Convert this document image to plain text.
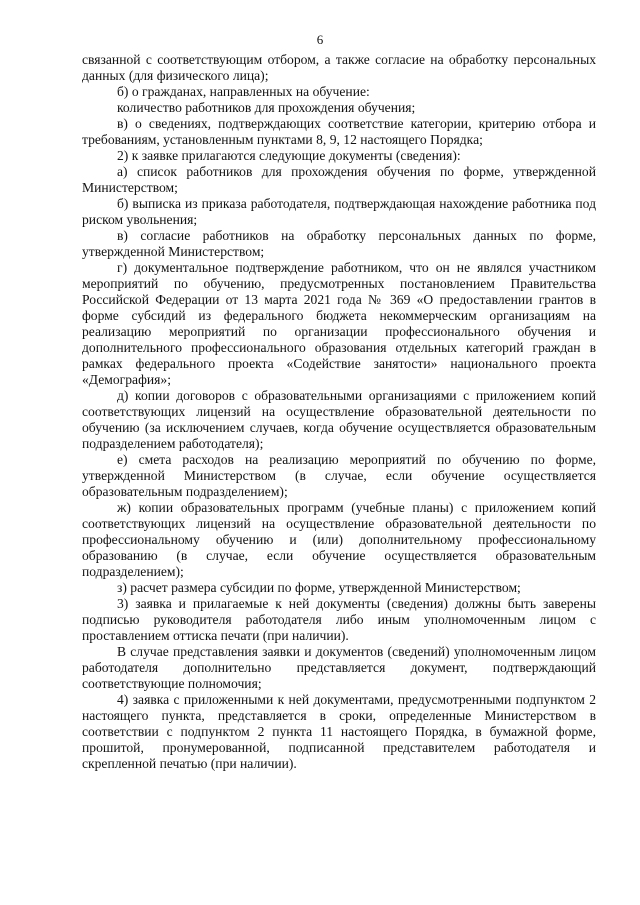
6

связанной с соответствующим отбором, а также согласие на обработку персональных данных (для физического лица);

б) о гражданах, направленных на обучение:

количество работников для прохождения обучения;

в) о сведениях, подтверждающих соответствие категории, критерию отбора и требованиям, установленным пунктами 8, 9, 12 настоящего Порядка;

2) к заявке прилагаются следующие документы (сведения):

а) список работников для прохождения обучения по форме, утвержденной Министерством;

б) выписка из приказа работодателя, подтверждающая нахождение работника под риском увольнения;

в) согласие работников на обработку персональных данных по форме, утвержденной Министерством;

г) документальное подтверждение работником, что он не являлся участником мероприятий по обучению, предусмотренных постановлением Правительства Российской Федерации от 13 марта 2021 года № 369 «О предоставлении грантов в форме субсидий из федерального бюджета некоммерческим организациям на реализацию мероприятий по организации профессионального обучения и дополнительного профессионального образования отдельных категорий граждан в рамках федерального проекта «Содействие занятости» национального проекта «Демография»;

д) копии договоров с образовательными организациями с приложением копий соответствующих лицензий на осуществление образовательной деятельности по обучению (за исключением случаев, когда обучение осуществляется образовательным подразделением работодателя);

е) смета расходов на реализацию мероприятий по обучению по форме, утвержденной Министерством (в случае, если обучение осуществляется образовательным подразделением);

ж) копии образовательных программ (учебные планы) с приложением копий соответствующих лицензий на осуществление образовательной деятельности по профессиональному обучению и (или) дополнительному профессиональному образованию (в случае, если обучение осуществляется образовательным подразделением);

з) расчет размера субсидии по форме, утвержденной Министерством;

3) заявка и прилагаемые к ней документы (сведения) должны быть заверены подписью руководителя работодателя либо иным уполномоченным лицом с проставлением оттиска печати (при наличии).

В случае представления заявки и документов (сведений) уполномоченным лицом работодателя дополнительно представляется документ, подтверждающий соответствующие полномочия;

4) заявка с приложенными к ней документами, предусмотренными подпунктом 2 настоящего пункта, представляется в сроки, определенные Министерством в соответствии с подпунктом 2 пункта 11 настоящего Порядка, в бумажной форме, прошитой, пронумерованной, подписанной представителем работодателя и скрепленной печатью (при наличии).
